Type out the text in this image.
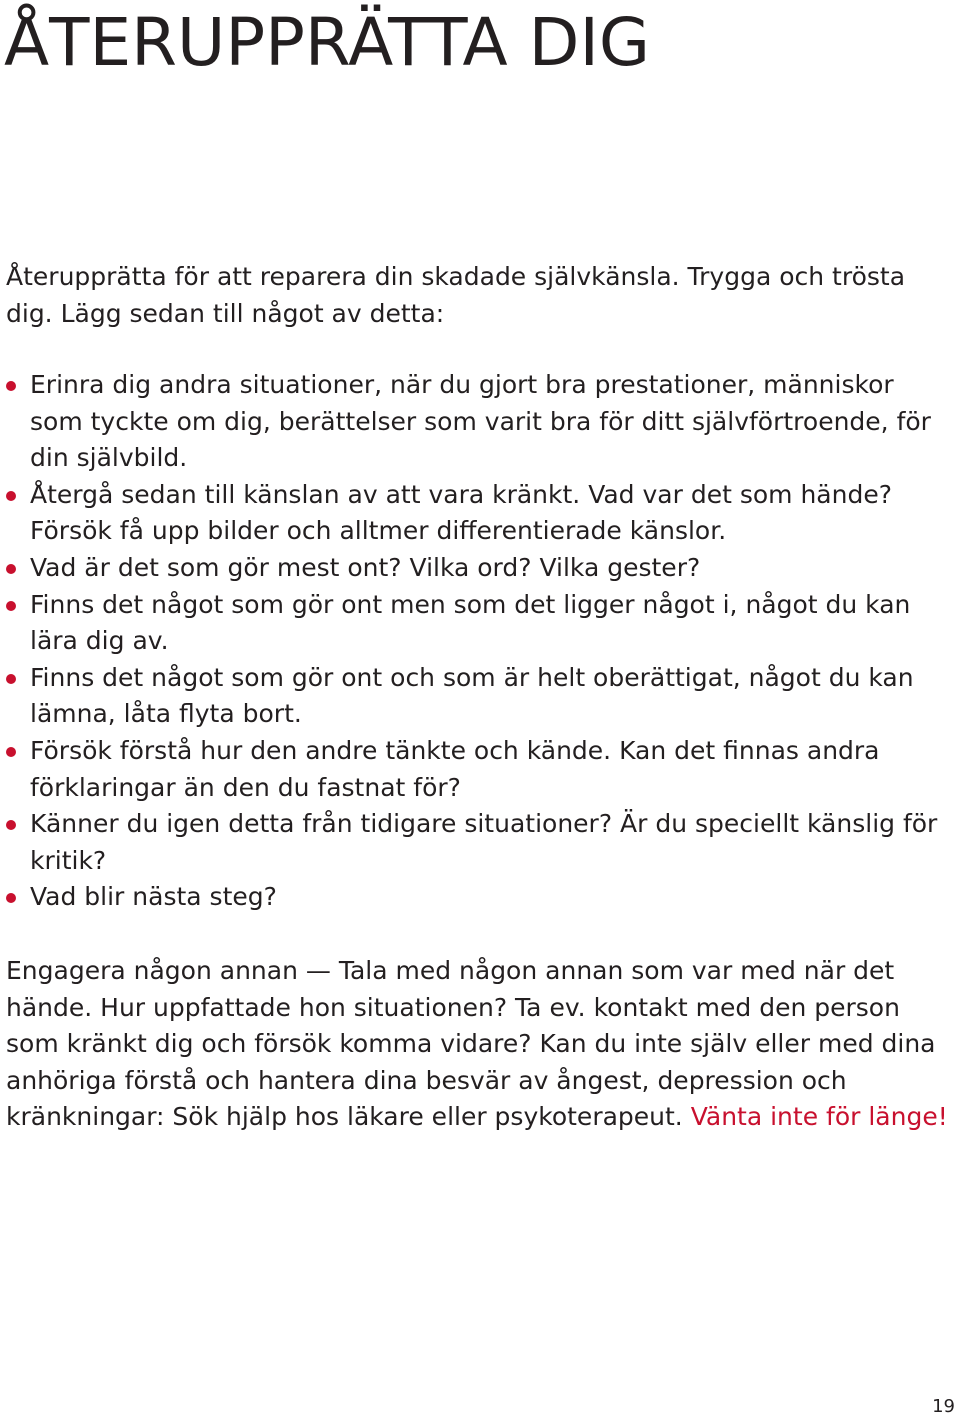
ÅTERUPPRÄTTA DIG

Återupprätta för att reparera din skadade självkänsla. Trygga och trösta dig. Lägg sedan till något av detta:

Erinra dig andra situationer, när du gjort bra prestationer, människor som tyckte om dig, berättelser som varit bra för ditt självförtroende, för din självbild.
Återgå sedan till känslan av att vara kränkt. Vad var det som hände? Försök få upp bilder och alltmer differentierade känslor.
Vad är det som gör mest ont? Vilka ord? Vilka gester?
Finns det något som gör ont men som det ligger något i, något du kan lära dig av.
Finns det något som gör ont och som är helt oberättigat, något du kan lämna, låta flyta bort.
Försök förstå hur den andre tänkte och kände. Kan det finnas andra förklaringar än den du fastnat för?
Känner du igen detta från tidigare situationer? Är du speciellt känslig för kritik?
Vad blir nästa steg?

Engagera någon annan — Tala med någon annan som var med när det hände. Hur uppfattade hon situationen? Ta ev. kontakt med den person som kränkt dig och försök komma vidare? Kan du inte själv eller med dina anhöriga förstå och hantera dina besvär av ångest, depression och kränkningar: Sök hjälp hos läkare eller psykoterapeut. Vänta inte för länge!

19
